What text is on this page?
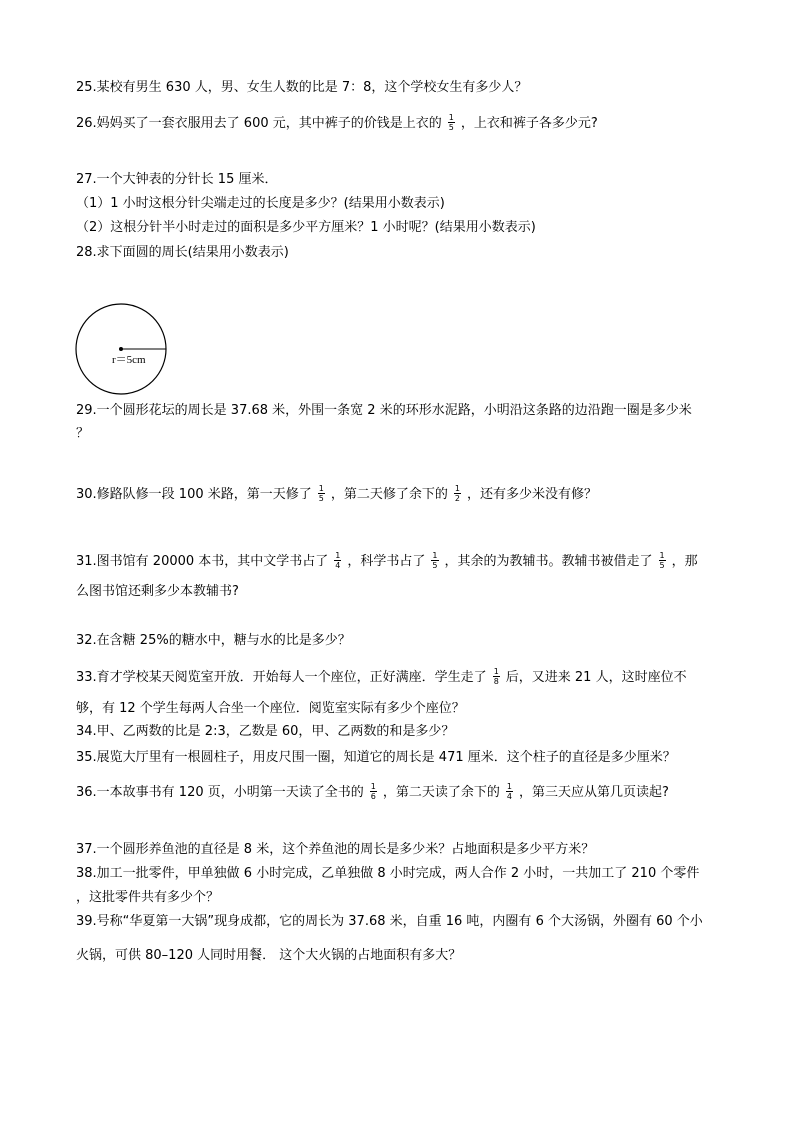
25.某校有男生 630 人，男、女生人数的比是 7：8，这个学校女生有多少人？
26.妈妈买了一套衣服用去了 600 元，其中裤子的价钱是上衣的 $\frac{1}{5}$ ，上衣和裤子各多少元?
27.一个大钟表的分针长 15 厘米．
（1）1 小时这根分针尖端走过的长度是多少？(结果用小数表示)
（2）这根分针半小时走过的面积是多少平方厘米？1 小时呢？(结果用小数表示)
28.求下面圆的周长(结果用小数表示)
r＝5cm
29.一个圆形花坛的周长是 37.68 米，外围一条宽 2 米的环形水泥路，小明沿这条路的边沿跑一圈是多少米
？
30.修路队修一段 100 米路，第一天修了 $\frac{1}{5}$ ，第二天修了余下的 $\frac{1}{2}$ ，还有多少米没有修？
31.图书馆有 20000 本书，其中文学书占了 $\frac{1}{4}$ ，科学书占了 $\frac{1}{5}$ ，其余的为教辅书。教辅书被借走了 $\frac{1}{5}$ ，那
么图书馆还剩多少本教辅书?
32.在含糖 25%的糖水中，糖与水的比是多少？
33.育才学校某天阅览室开放．开始每人一个座位，正好满座．学生走了 $\frac{1}{8}$ 后，又进来 21 人，这时座位不
够，有 12 个学生每两人合坐一个座位．阅览室实际有多少个座位？
34.甲、乙两数的比是 2:3，乙数是 60，甲、乙两数的和是多少？
35.展览大厅里有一根圆柱子，用皮尺围一圈，知道它的周长是 471 厘米．这个柱子的直径是多少厘米？
36.一本故事书有 120 页，小明第一天读了全书的 $\frac{1}{6}$ ，第二天读了余下的 $\frac{1}{4}$ ，第三天应从第几页读起?
37.一个圆形养鱼池的直径是 8 米，这个养鱼池的周长是多少米？占地面积是多少平方米？
38.加工一批零件，甲单独做 6 小时完成，乙单独做 8 小时完成，两人合作 2 小时，一共加工了 210 个零件
，这批零件共有多少个？
39.号称“华夏第一大锅”现身成都，它的周长为 37.68 米，自重 16 吨，内圈有 6 个大汤锅，外圈有 60 个小
火锅，可供 80–120 人同时用餐． 这个大火锅的占地面积有多大？
